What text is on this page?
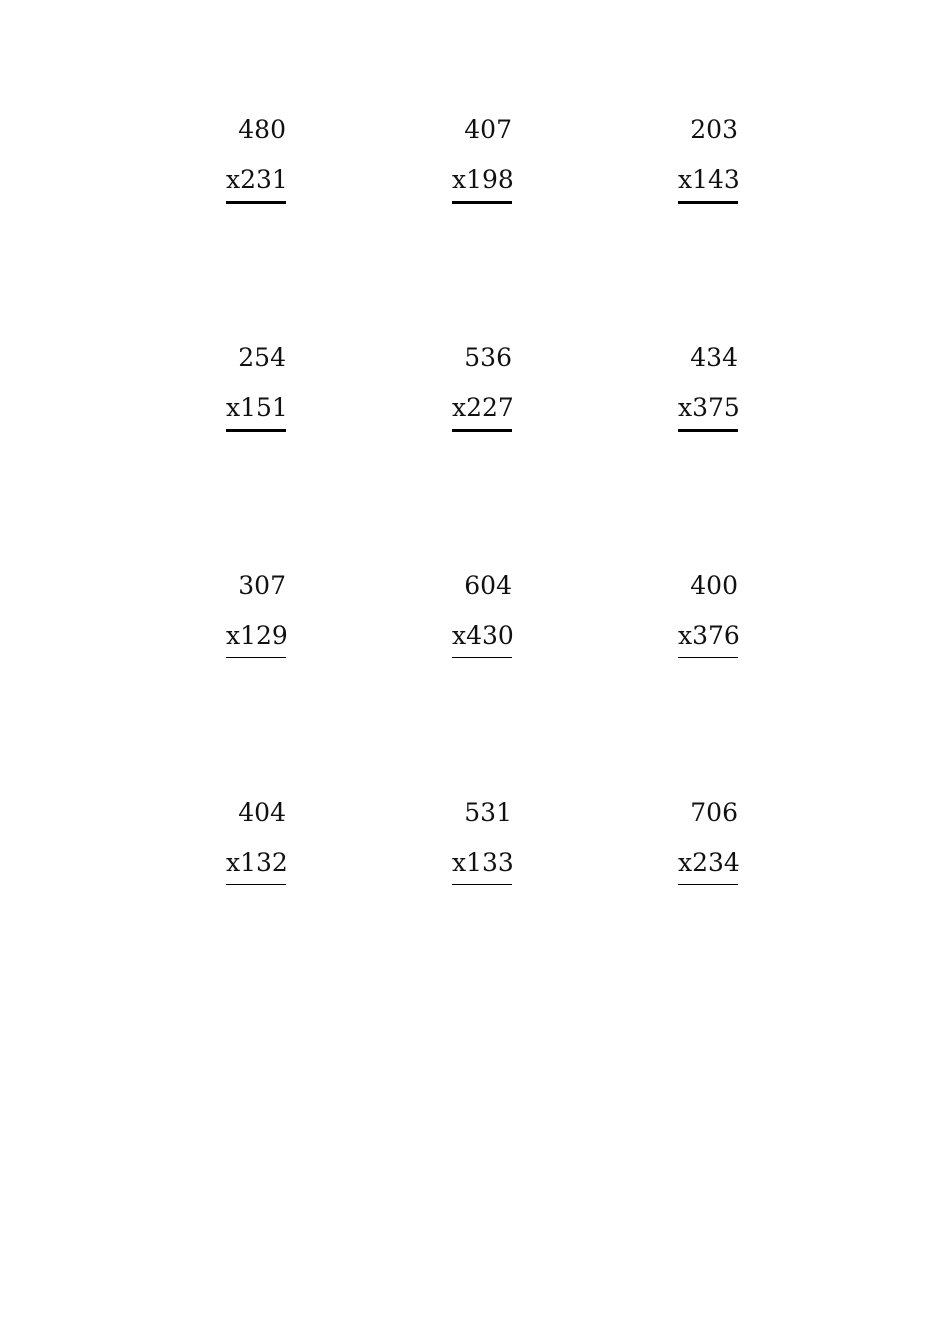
480
x231
407
x198
203
x143
254
x151
536
x227
434
x375
307
x129
604
x430
400
x376
404
x132
531
x133
706
x234
